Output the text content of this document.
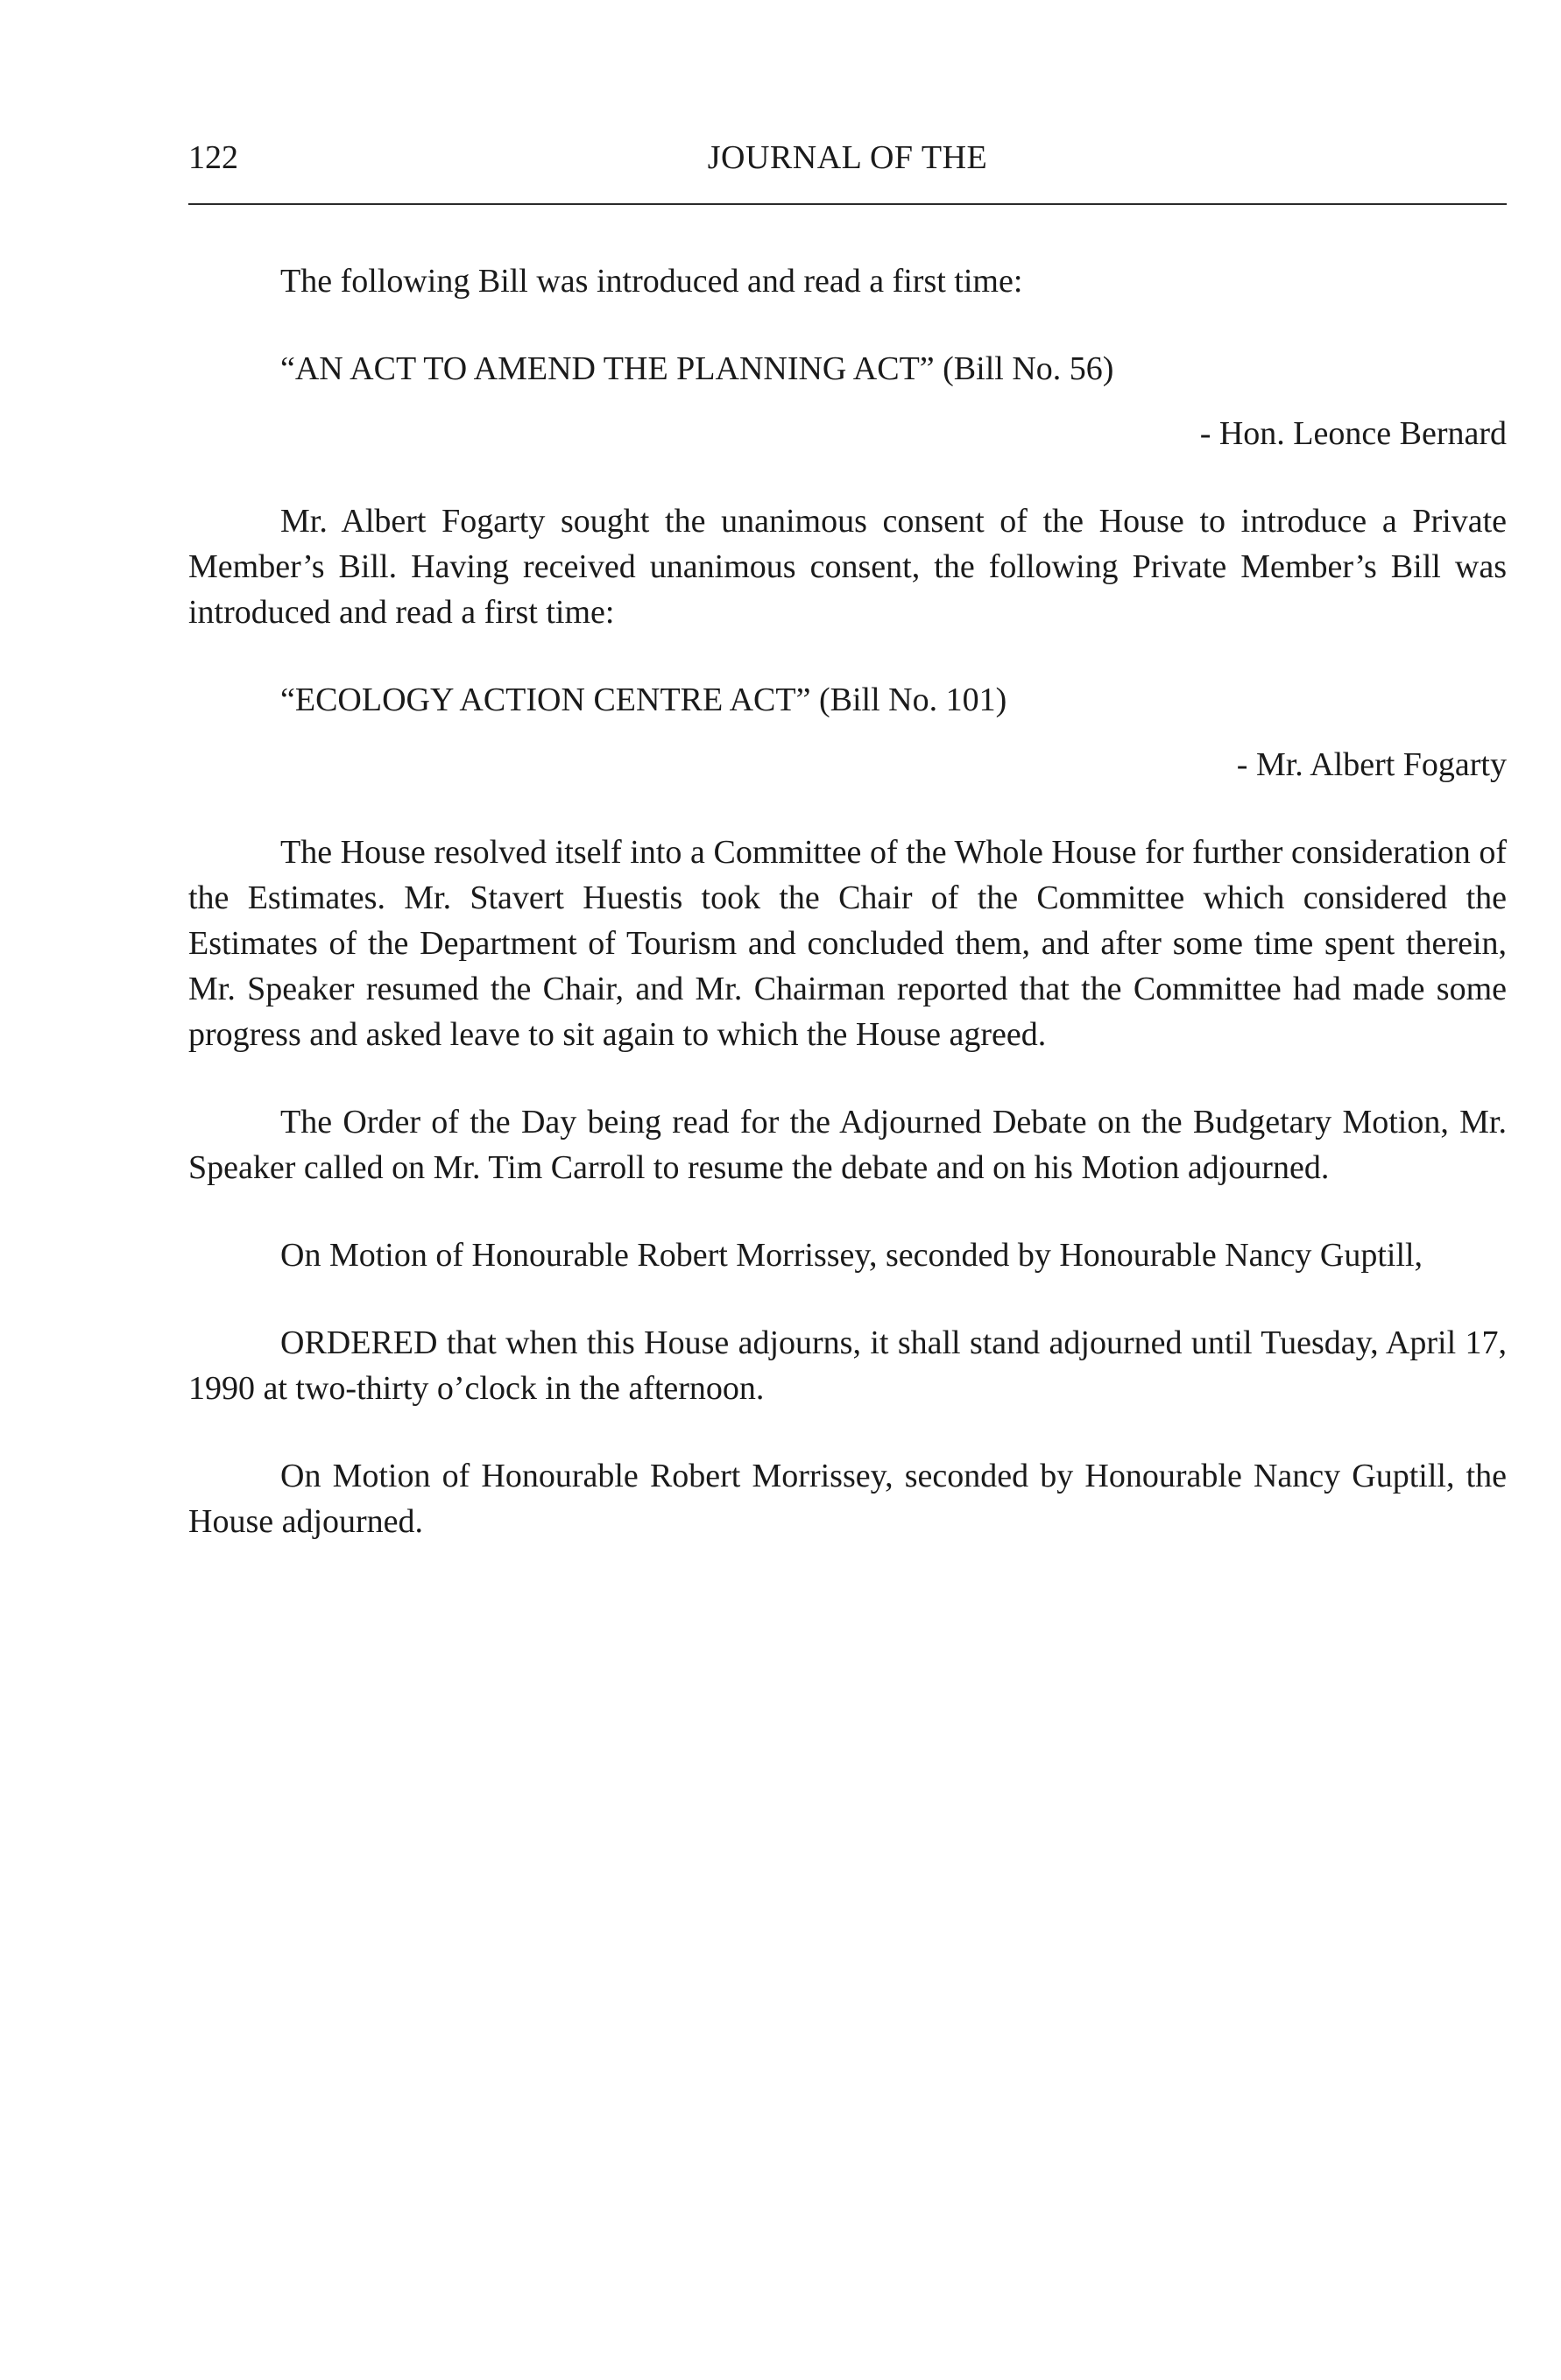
122	JOURNAL OF THE

The following Bill was introduced and read a first time:

“AN ACT TO AMEND THE PLANNING ACT” (Bill No. 56)

- Hon. Leonce Bernard

Mr. Albert Fogarty sought the unanimous consent of the House to introduce a Private Member’s Bill. Having received unanimous consent, the following Private Member’s Bill was introduced and read a first time:

“ECOLOGY ACTION CENTRE ACT” (Bill No. 101)

- Mr. Albert Fogarty

The House resolved itself into a Committee of the Whole House for further consideration of the Estimates. Mr. Stavert Huestis took the Chair of the Committee which considered the Estimates of the Department of Tourism and concluded them, and after some time spent therein, Mr. Speaker resumed the Chair, and Mr. Chairman reported that the Committee had made some progress and asked leave to sit again to which the House agreed.

The Order of the Day being read for the Adjourned Debate on the Budgetary Motion, Mr. Speaker called on Mr. Tim Carroll to resume the debate and on his Motion adjourned.

On Motion of Honourable Robert Morrissey, seconded by Honourable Nancy Guptill,

ORDERED that when this House adjourns, it shall stand adjourned until Tuesday, April 17, 1990 at two-thirty o’clock in the afternoon.

On Motion of Honourable Robert Morrissey, seconded by Honourable Nancy Guptill, the House adjourned.
